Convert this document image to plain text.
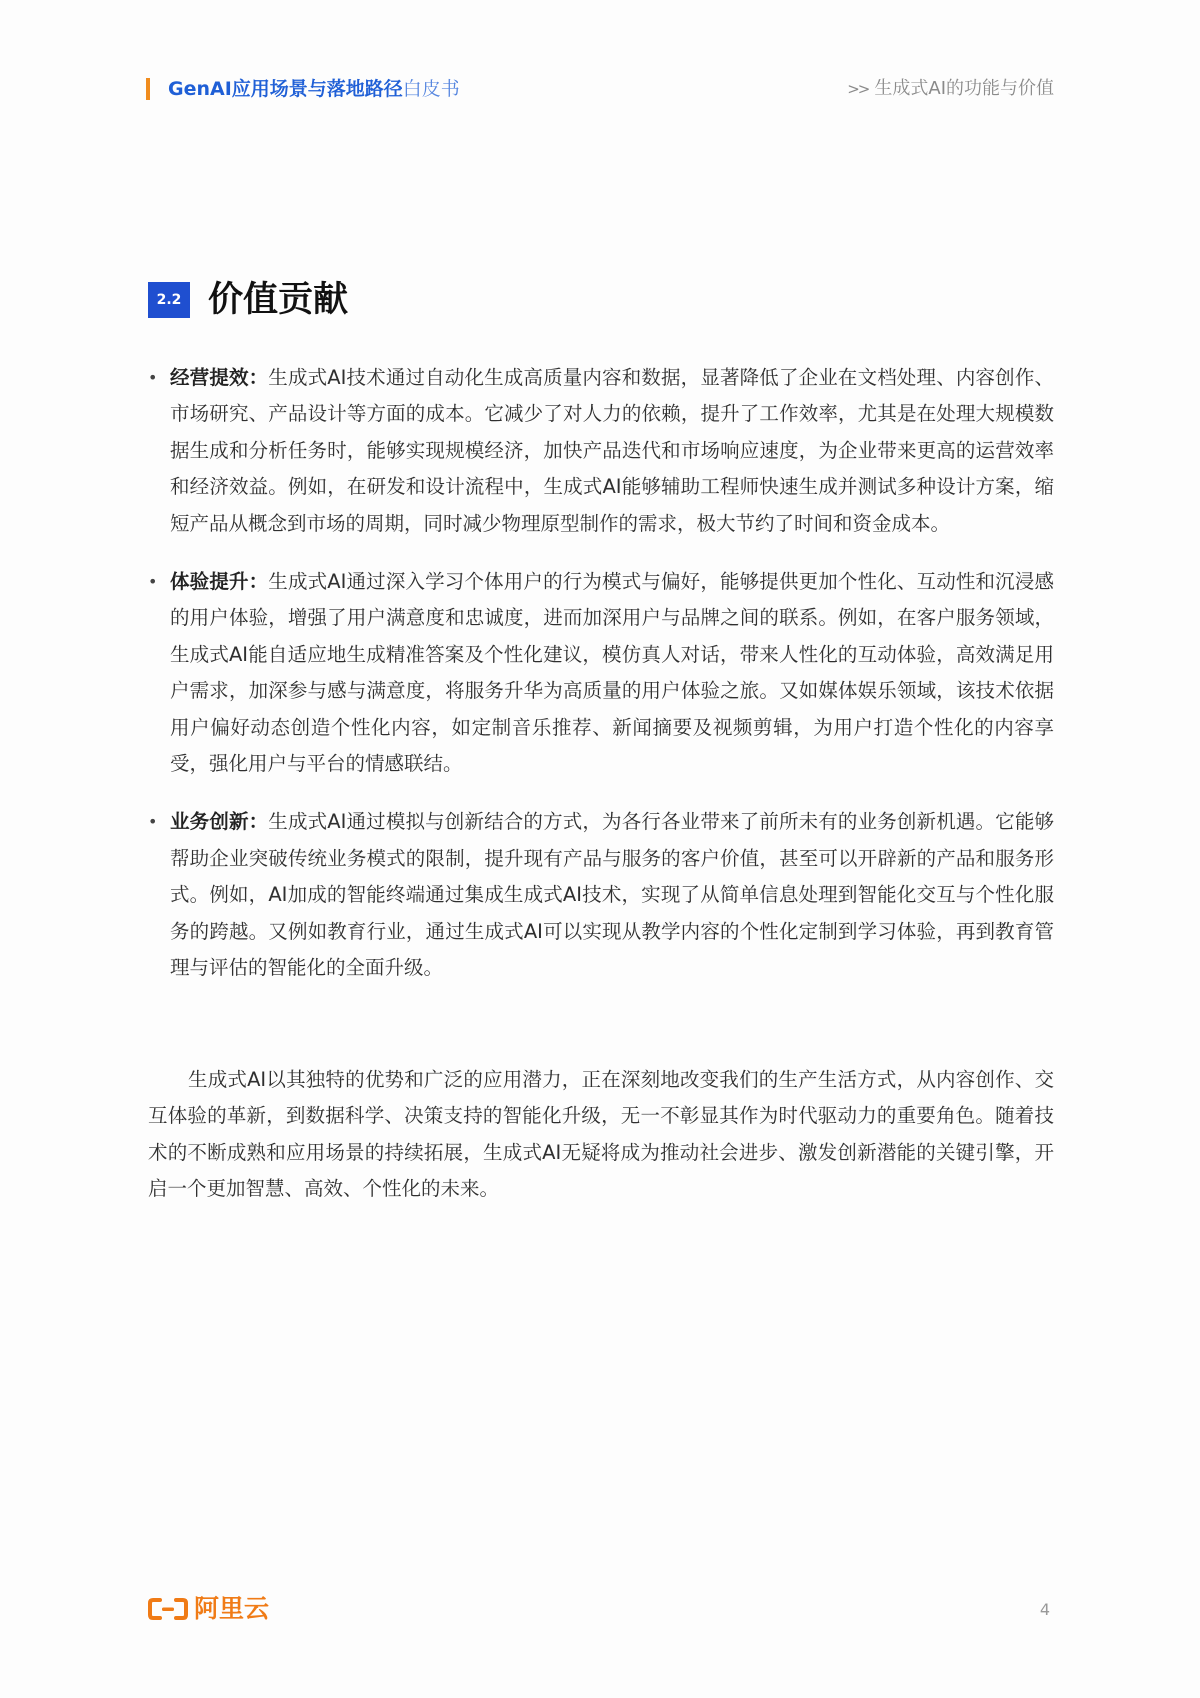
GenAI应用场景与落地路径白皮书	>> 生成式AI的功能与价值
2.2 价值贡献
• 经营提效：生成式AI技术通过自动化生成高质量内容和数据，显著降低了企业在文档处理、内容创作、市场研究、产品设计等方面的成本。它减少了对人力的依赖，提升了工作效率，尤其是在处理大规模数据生成和分析任务时，能够实现规模经济，加快产品迭代和市场响应速度，为企业带来更高的运营效率和经济效益。例如，在研发和设计流程中，生成式AI能够辅助工程师快速生成并测试多种设计方案，缩短产品从概念到市场的周期，同时减少物理原型制作的需求，极大节约了时间和资金成本。
• 体验提升：生成式AI通过深入学习个体用户的行为模式与偏好，能够提供更加个性化、互动性和沉浸感的用户体验，增强了用户满意度和忠诚度，进而加深用户与品牌之间的联系。例如，在客户服务领域，生成式AI能自适应地生成精准答案及个性化建议，模仿真人对话，带来人性化的互动体验，高效满足用户需求，加深参与感与满意度，将服务升华为高质量的用户体验之旅。又如媒体娱乐领域，该技术依据用户偏好动态创造个性化内容，如定制音乐推荐、新闻摘要及视频剪辑，为用户打造个性化的内容享受，强化用户与平台的情感联结。
• 业务创新：生成式AI通过模拟与创新结合的方式，为各行各业带来了前所未有的业务创新机遇。它能够帮助企业突破传统业务模式的限制，提升现有产品与服务的客户价值，甚至可以开辟新的产品和服务形式。例如，AI加成的智能终端通过集成生成式AI技术，实现了从简单信息处理到智能化交互与个性化服务的跨越。又例如教育行业，通过生成式AI可以实现从教学内容的个性化定制到学习体验，再到教育管理与评估的智能化的全面升级。

生成式AI以其独特的优势和广泛的应用潜力，正在深刻地改变我们的生产生活方式，从内容创作、交互体验的革新，到数据科学、决策支持的智能化升级，无一不彰显其作为时代驱动力的重要角色。随着技术的不断成熟和应用场景的持续拓展，生成式AI无疑将成为推动社会进步、激发创新潜能的关键引擎，开启一个更加智慧、高效、个性化的未来。

阿里云	4
